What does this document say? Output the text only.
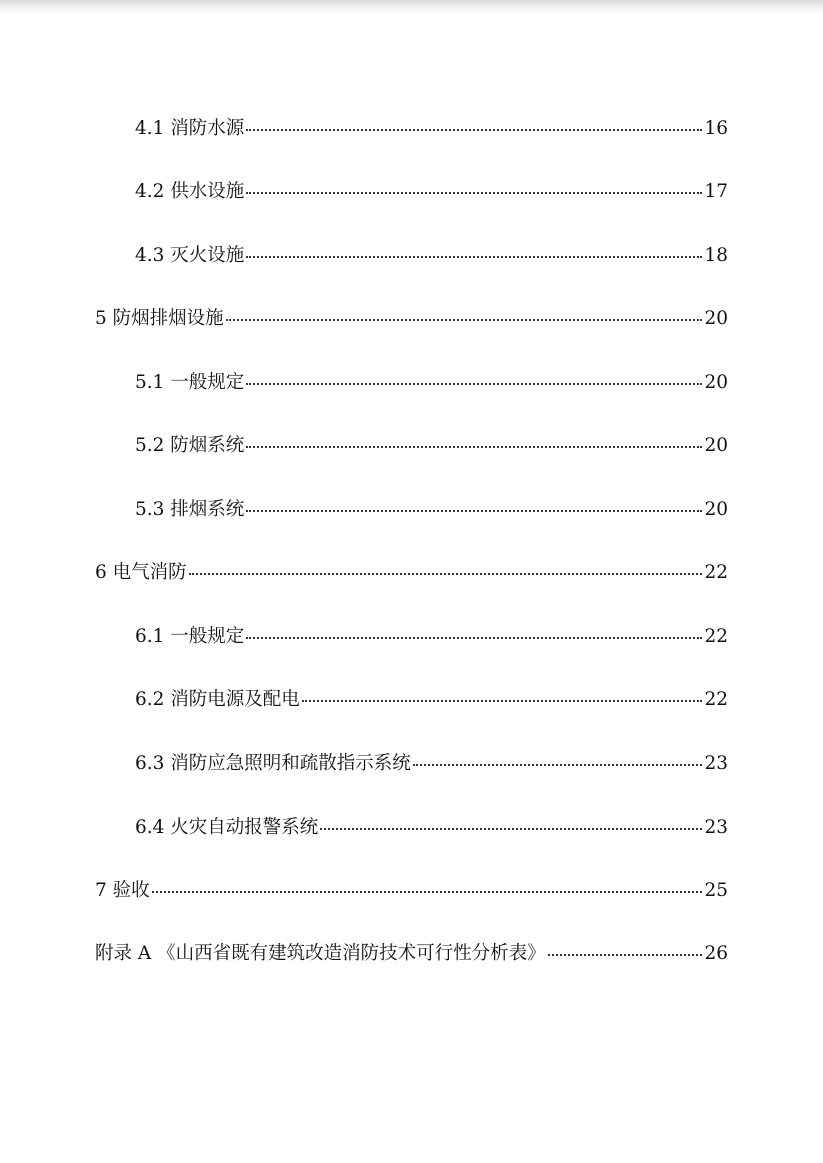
4.1 消防水源	16
4.2 供水设施	17
4.3 灭火设施	18
5 防烟排烟设施	20
5.1 一般规定	20
5.2 防烟系统	20
5.3 排烟系统	20
6 电气消防	22
6.1 一般规定	22
6.2 消防电源及配电	22
6.3 消防应急照明和疏散指示系统	23
6.4 火灾自动报警系统	23
7 验收	25
附录 A 《山西省既有建筑改造消防技术可行性分析表》	26
